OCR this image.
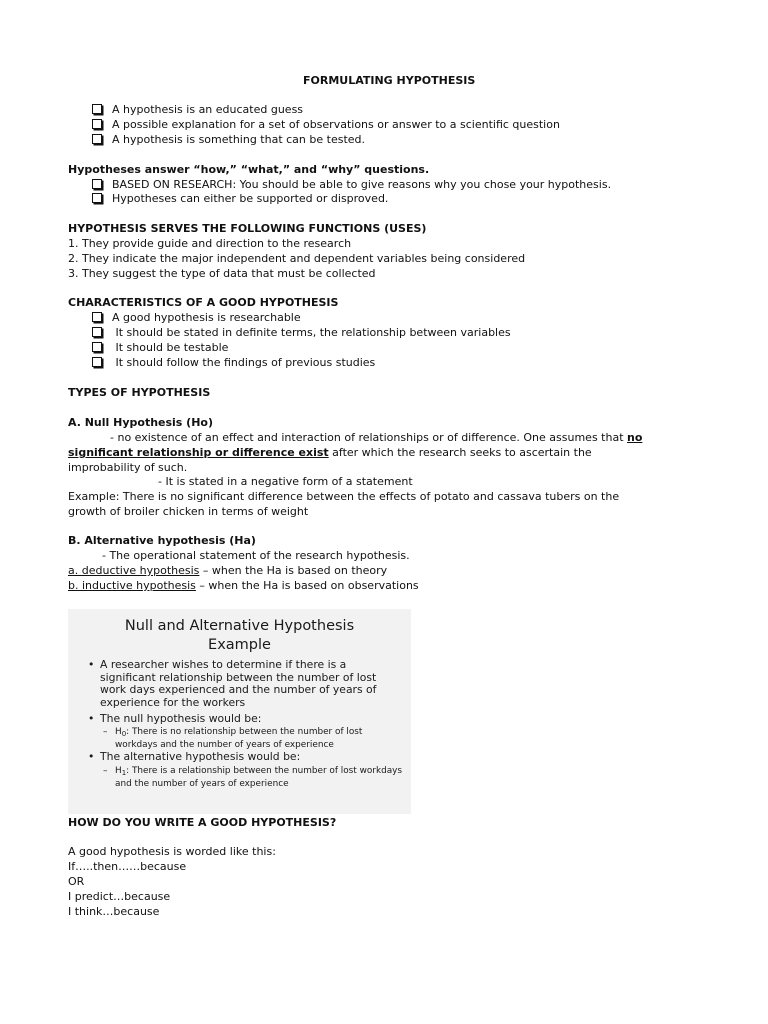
FORMULATING HYPOTHESIS
A hypothesis is an educated guess
A possible explanation for a set of observations or answer to a scientific question
A hypothesis is something that can be tested.
Hypotheses answer “how,” “what,” and “why” questions.
BASED ON RESEARCH: You should be able to give reasons why you chose your hypothesis.
Hypotheses can either be supported or disproved.
HYPOTHESIS SERVES THE FOLLOWING FUNCTIONS (USES)
1. They provide guide and direction to the research
2. They indicate the major independent and dependent variables being considered
3. They suggest the type of data that must be collected
CHARACTERISTICS OF A GOOD HYPOTHESIS
A good hypothesis is researchable
It should be stated in definite terms, the relationship between variables
It should be testable
It should follow the findings of previous studies
TYPES OF HYPOTHESIS
A. Null Hypothesis (Ho)
- no existence of an effect and interaction of relationships or of difference. One assumes that no
significant relationship or difference exist after which the research seeks to ascertain the
improbability of such.
- It is stated in a negative form of a statement
Example: There is no significant difference between the effects of potato and cassava tubers on the
growth of broiler chicken in terms of weight
B. Alternative hypothesis (Ha)
- The operational statement of the research hypothesis.
a. deductive hypothesis – when the Ha is based on theory
b. inductive hypothesis – when the Ha is based on observations
Null and Alternative Hypothesis
Example
• A researcher wishes to determine if there is a significant relationship between the number of lost work days experienced and the number of years of experience for the workers
• The null hypothesis would be:
– $H_0$: There is no relationship between the number of lost workdays and the number of years of experience
• The alternative hypothesis would be:
– $H_1$: There is a relationship between the number of lost workdays and the number of years of experience
HOW DO YOU WRITE A GOOD HYPOTHESIS?
A good hypothesis is worded like this:
If…..then……because
OR
I predict…because
I think…because
